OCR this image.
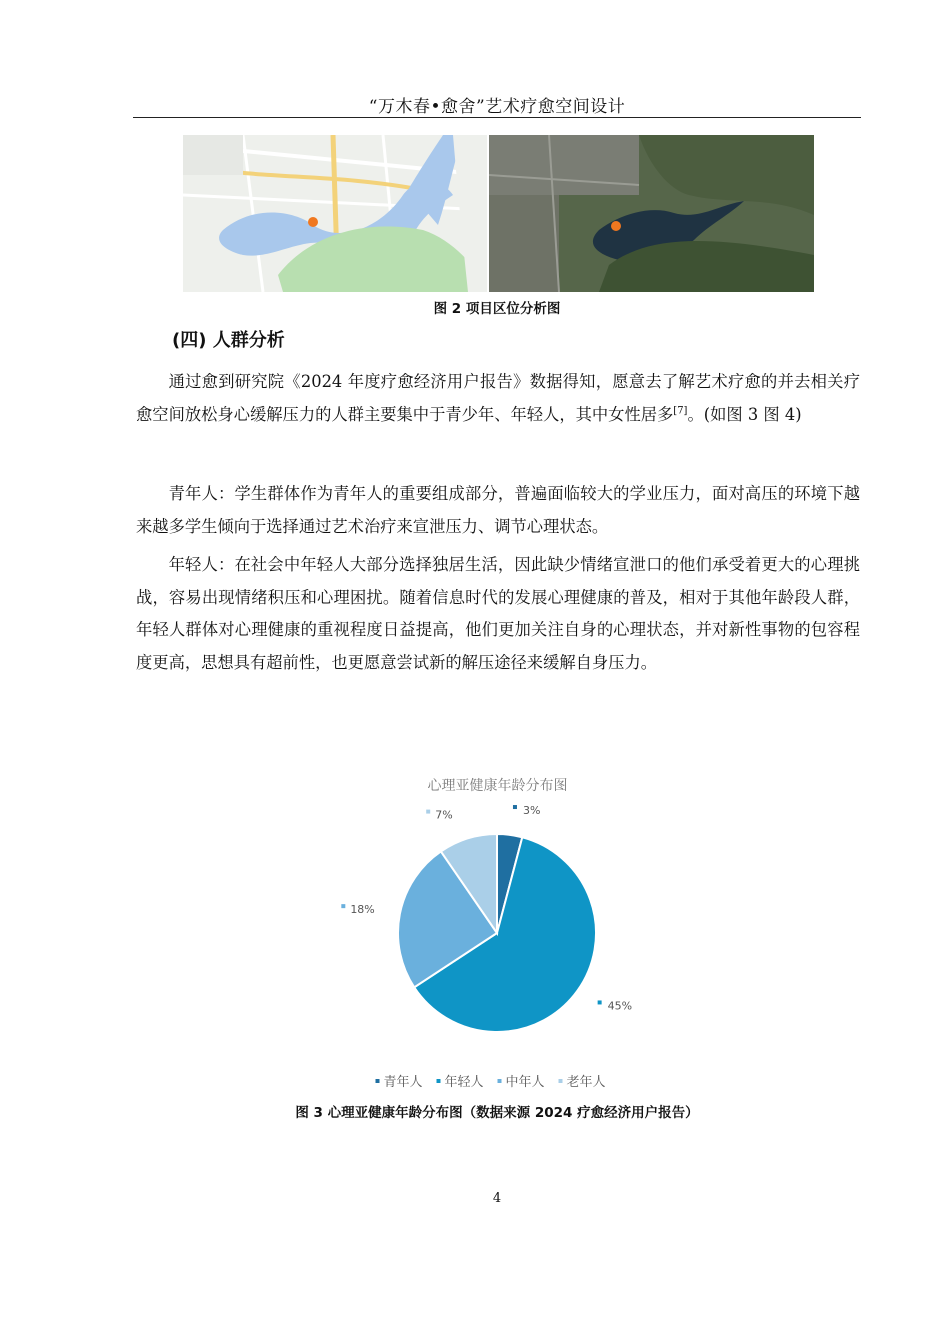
“万木春•愈舍”艺术疗愈空间设计
图 2 项目区位分析图
(四) 人群分析

通过愈到研究院《2024 年度疗愈经济用户报告》数据得知，愿意去了解艺术疗愈的并去相关疗愈空间放松身心缓解压力的人群主要集中于青少年、年轻人，其中女性居多[7]。(如图 3 图 4)

青年人：学生群体作为青年人的重要组成部分，普遍面临较大的学业压力，面对高压的环境下越来越多学生倾向于选择通过艺术治疗来宣泄压力、调节心理状态。

年轻人：在社会中年轻人大部分选择独居生活，因此缺少情绪宣泄口的他们承受着更大的心理挑战，容易出现情绪积压和心理困扰。随着信息时代的发展心理健康的普及，相对于其他年龄段人群，年轻人群体对心理健康的重视程度日益提高，他们更加关注自身的心理状态，并对新性事物的包容程度更高，思想具有超前性，也更愿意尝试新的解压途径来缓解自身压力。

心理亚健康年龄分布图
3%
45%
18%
7%
青年人 年轻人 中年人 老年人
图 3 心理亚健康年龄分布图（数据来源 2024 疗愈经济用户报告）
4
